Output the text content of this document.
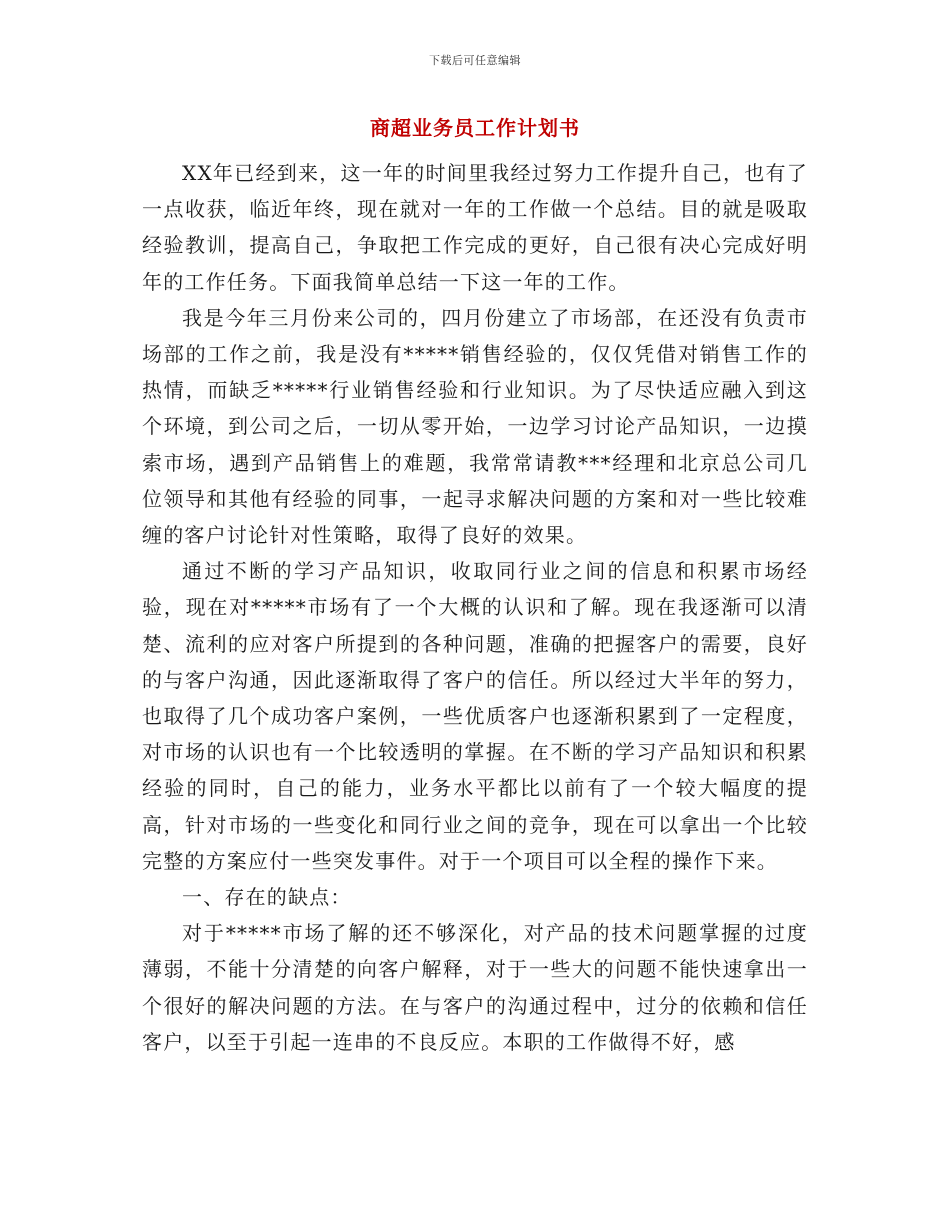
下载后可任意编辑
商超业务员工作计划书

XX年已经到来，这一年的时间里我经过努力工作提升自己，也有了一点收获，临近年终，现在就对一年的工作做一个总结。目的就是吸取经验教训，提高自己，争取把工作完成的更好，自己很有决心完成好明年的工作任务。下面我简单总结一下这一年的工作。

我是今年三月份来公司的，四月份建立了市场部，在还没有负责市场部的工作之前，我是没有*****销售经验的，仅仅凭借对销售工作的热情，而缺乏*****行业销售经验和行业知识。为了尽快适应融入到这个环境，到公司之后，一切从零开始，一边学习讨论产品知识，一边摸索市场，遇到产品销售上的难题，我常常请教***经理和北京总公司几位领导和其他有经验的同事，一起寻求解决问题的方案和对一些比较难缠的客户讨论针对性策略，取得了良好的效果。

通过不断的学习产品知识，收取同行业之间的信息和积累市场经验，现在对*****市场有了一个大概的认识和了解。现在我逐渐可以清楚、流利的应对客户所提到的各种问题，准确的把握客户的需要，良好的与客户沟通，因此逐渐取得了客户的信任。所以经过大半年的努力，也取得了几个成功客户案例，一些优质客户也逐渐积累到了一定程度，对市场的认识也有一个比较透明的掌握。在不断的学习产品知识和积累经验的同时，自己的能力，业务水平都比以前有了一个较大幅度的提高，针对市场的一些变化和同行业之间的竞争，现在可以拿出一个比较完整的方案应付一些突发事件。对于一个项目可以全程的操作下来。

一、存在的缺点：

对于*****市场了解的还不够深化，对产品的技术问题掌握的过度薄弱，不能十分清楚的向客户解释，对于一些大的问题不能快速拿出一个很好的解决问题的方法。在与客户的沟通过程中，过分的依赖和信任客户，以至于引起一连串的不良反应。本职的工作做得不好，感
